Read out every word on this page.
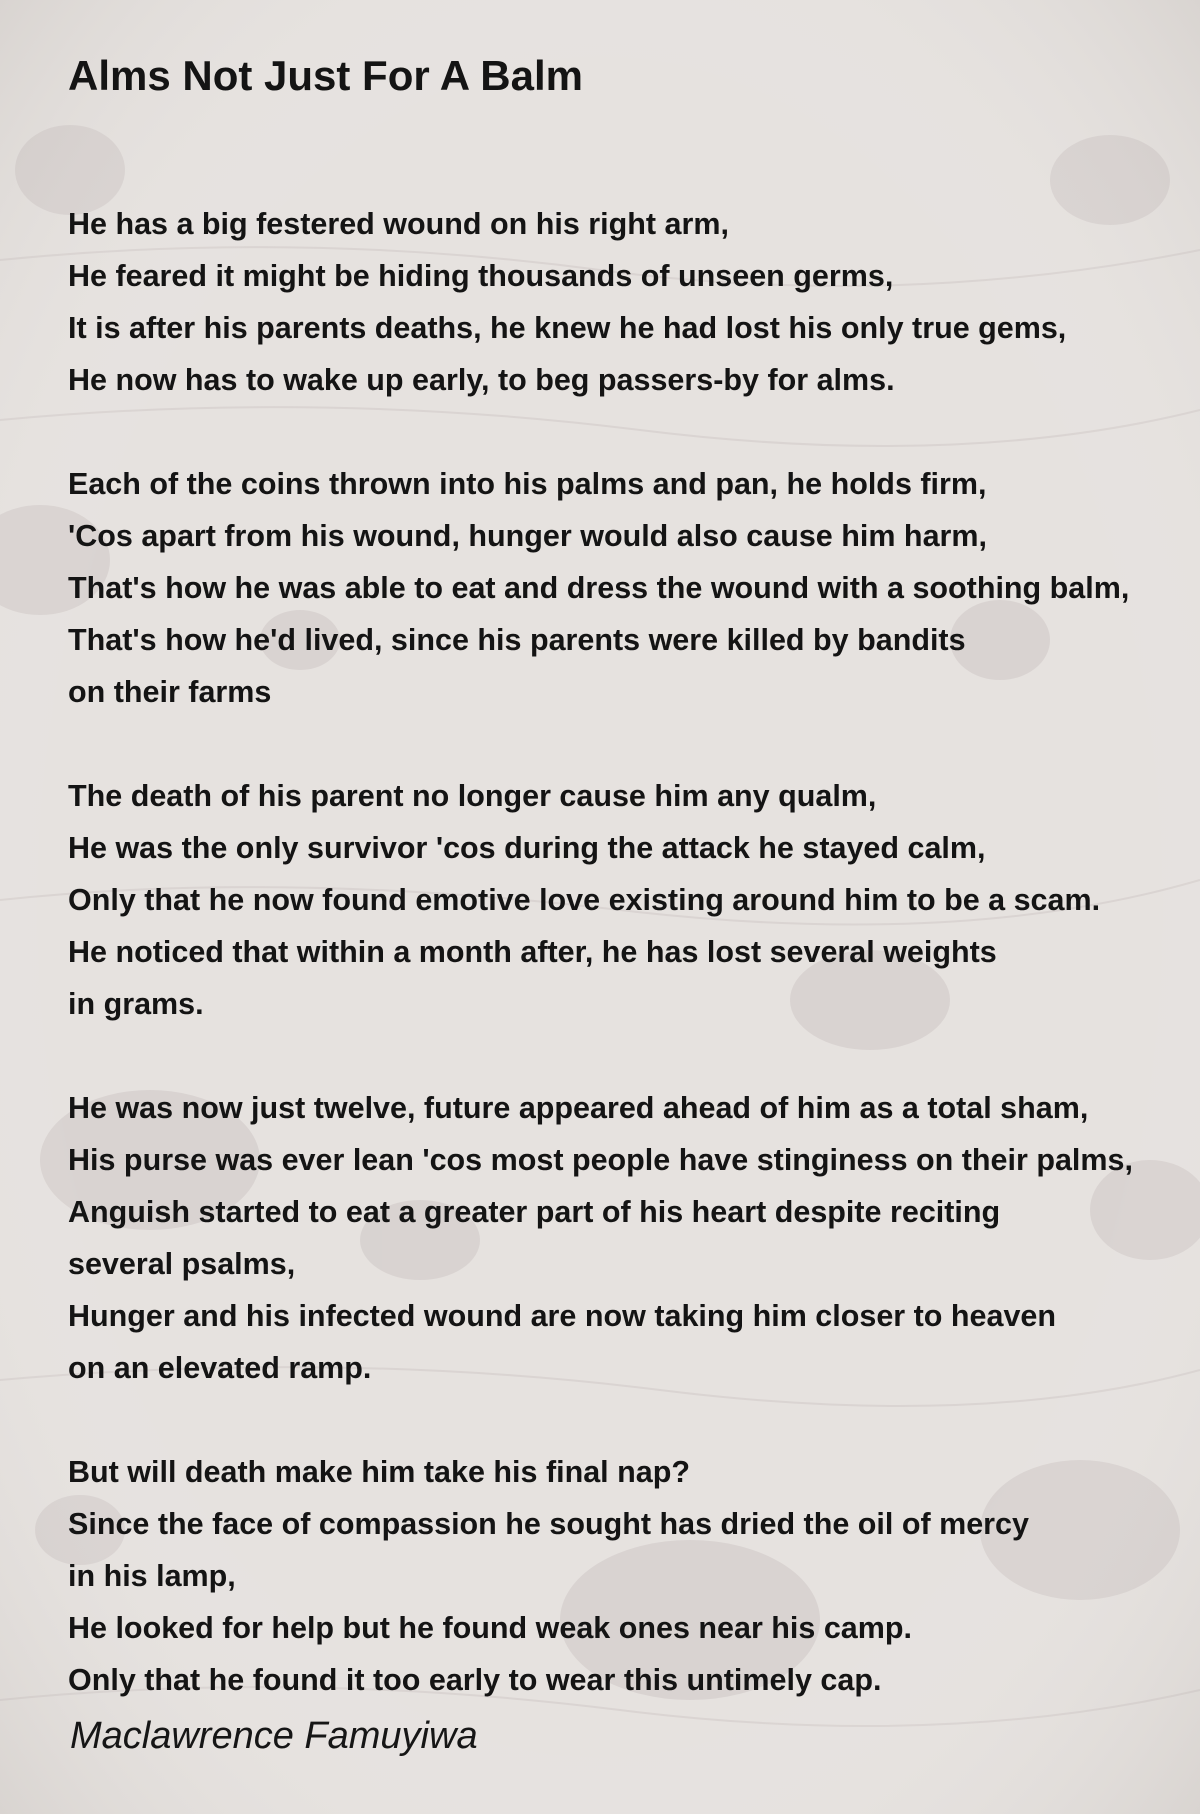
Alms Not Just For A Balm
He has a big festered wound on his right arm,
He feared it might be hiding thousands of unseen germs,
It is after his parents deaths, he knew he had lost his only true gems,
He now has to wake up early, to beg passers-by for alms.
Each of the coins thrown into his palms and pan, he holds firm,
'Cos apart from his wound, hunger would also cause him harm,
That's how he was able to eat and dress the wound with a soothing balm,
That's how he'd lived, since his parents were killed by bandits
on their farms
The death of his parent no longer cause him any qualm,
He was the only survivor 'cos during the attack he stayed calm,
Only that he now found emotive love existing around him to be a scam.
He noticed that within a month after, he has lost several weights
in grams.
He was now just twelve, future appeared ahead of him as a total sham,
His purse was ever lean 'cos most people have stinginess on their palms,
Anguish started to eat a greater part of his heart despite reciting
several psalms,
Hunger and his infected wound are now taking him closer to heaven
on an elevated ramp.
But will death make him take his final nap?
Since the face of compassion he sought has dried the oil of mercy
in his lamp,
He looked for help but he found weak ones near his camp.
Only that he found it too early to wear this untimely cap.
Maclawrence Famuyiwa
